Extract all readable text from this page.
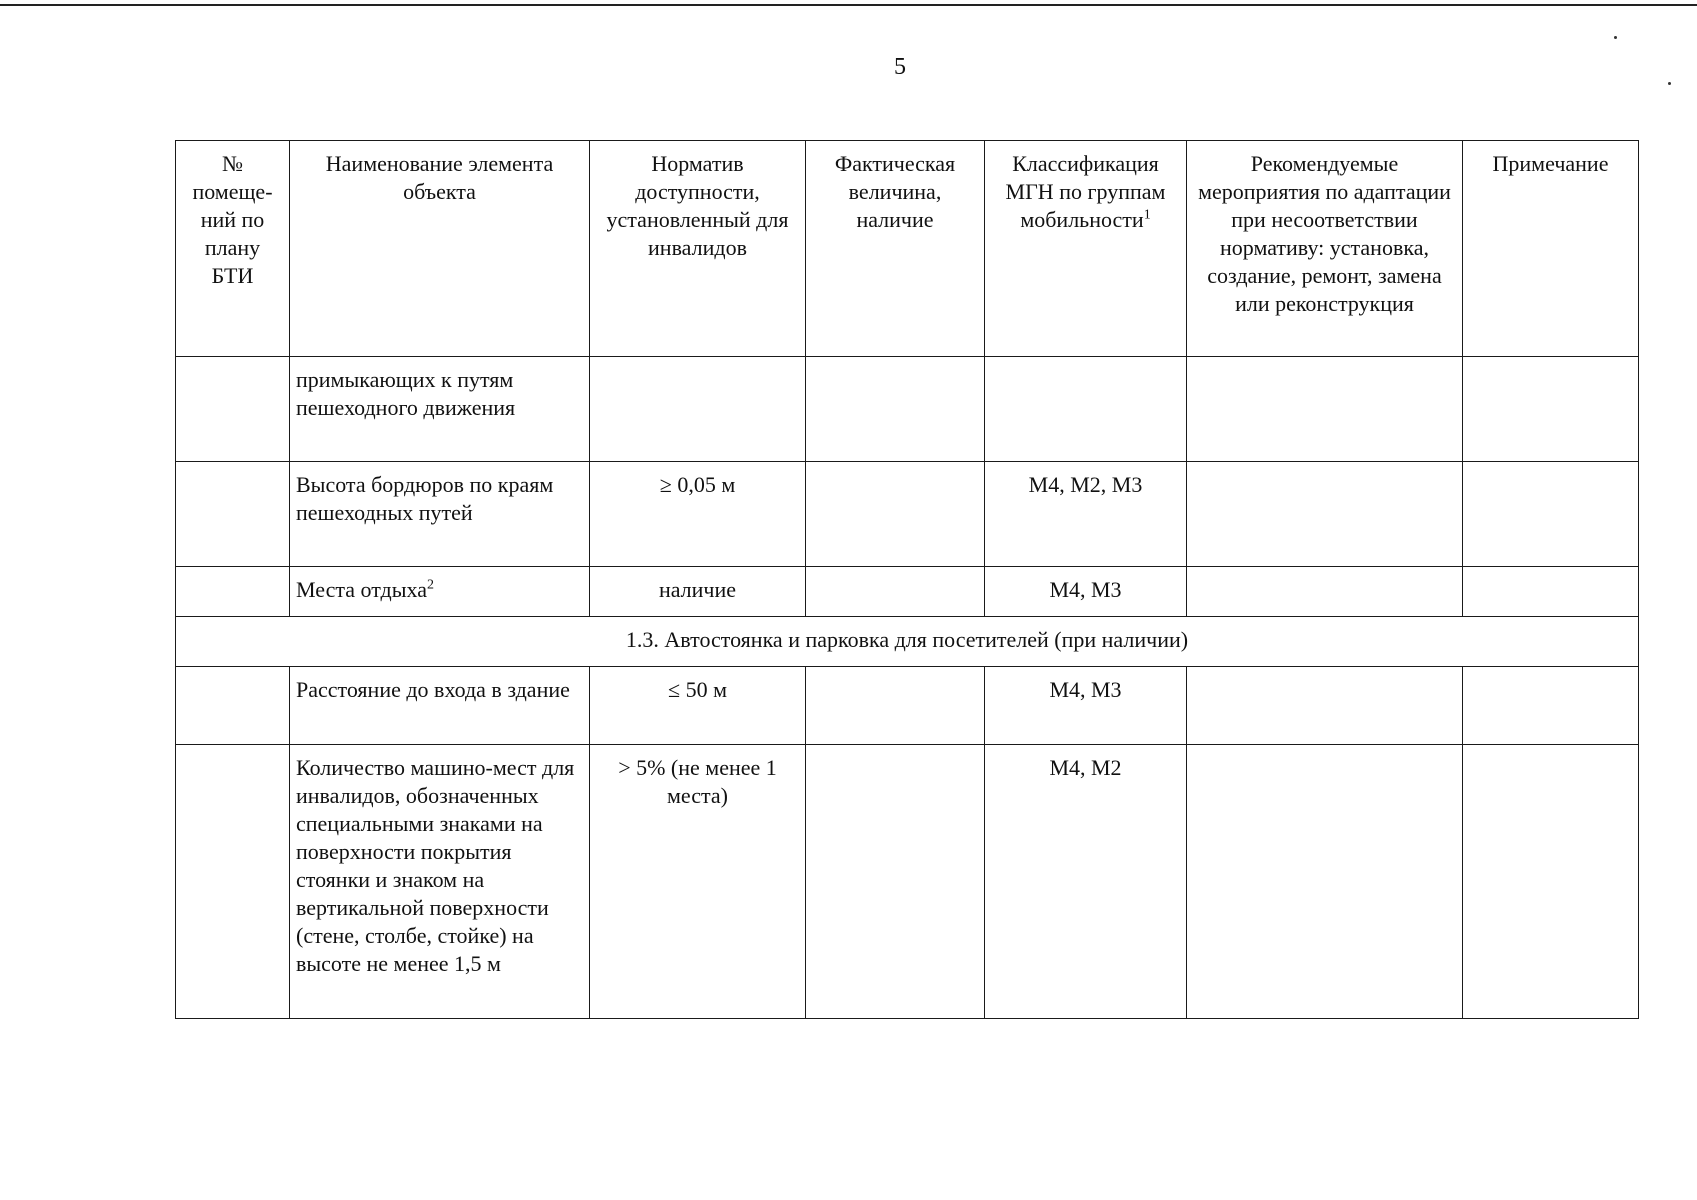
5
№ помеще-ний по плану БТИ	Наименование элемента объекта	Норматив доступности, установленный для инвалидов	Фактическая величина, наличие	Классификация МГН по группам мобильности$^1$	Рекомендуемые мероприятия по адаптации при несоответствии нормативу: установка, создание, ремонт, замена или реконструкция	Примечание
	примыкающих к путям пешеходного движения					
	Высота бордюров по краям пешеходных путей	≥ 0,05 м		М4, М2, М3		
	Места отдыха$^2$	наличие		М4, М3		
1.3. Автостоянка и парковка для посетителей (при наличии)						
	Расстояние до входа в здание	≤ 50 м		М4, М3		
	Количество машино-мест для инвалидов, обозначенных специальными знаками на поверхности покрытия стоянки и знаком на вертикальной поверхности (стене, столбе, стойке) на высоте не менее 1,5 м	> 5% (не менее 1 места)		М4, М2		
